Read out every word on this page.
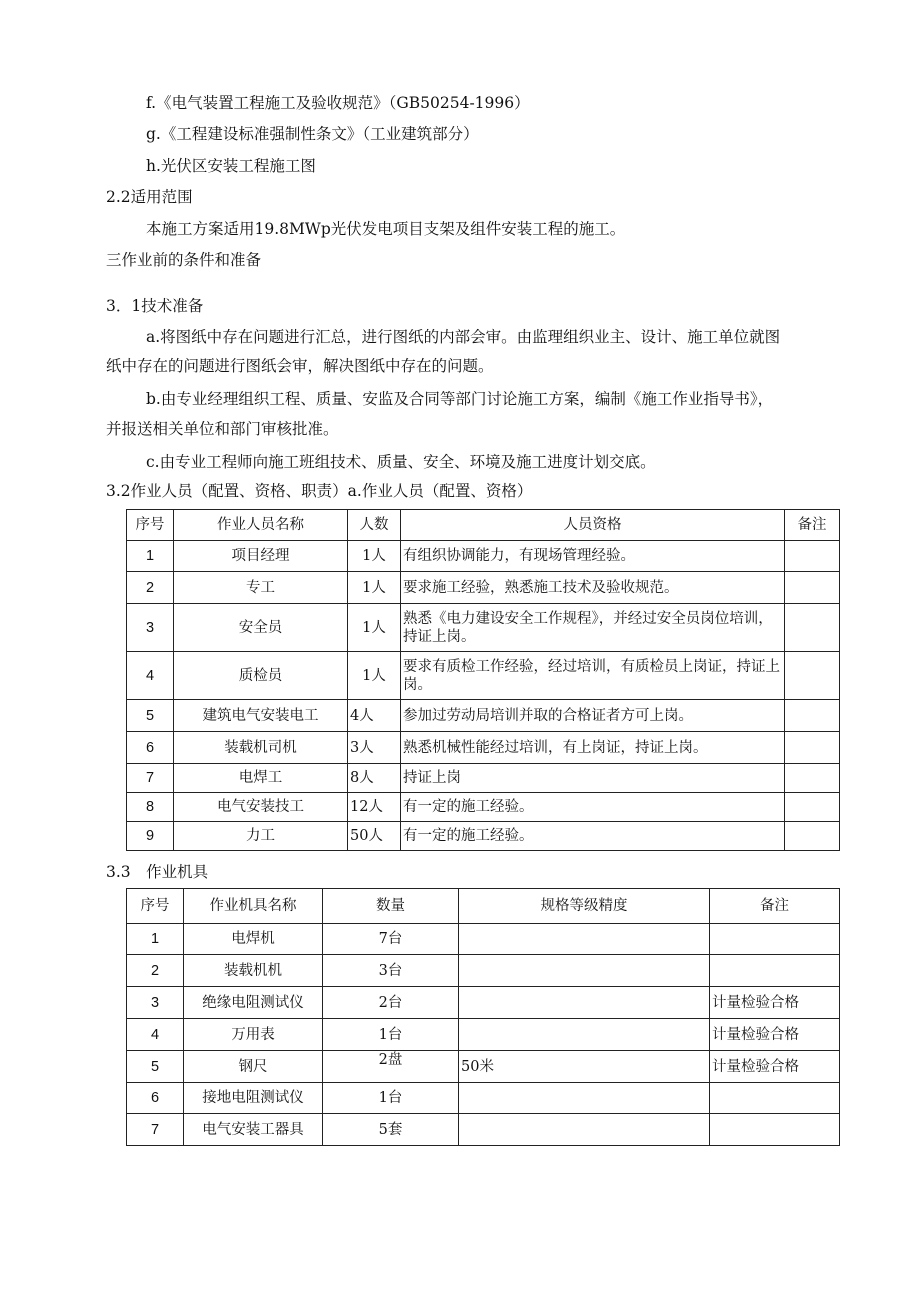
f.《电气装置工程施工及验收规范》（GB50254-1996）
g.《工程建设标准强制性条文》（工业建筑部分）
h.光伏区安装工程施工图
2.2适用范围
本施工方案适用19.8MWp光伏发电项目支架及组件安装工程的施工。
三作业前的条件和准备
3．1技术准备
a.将图纸中存在问题进行汇总，进行图纸的内部会审。由监理组织业主、设计、施工单位就图
纸中存在的问题进行图纸会审，解决图纸中存在的问题。
b.由专业经理组织工程、质量、安监及合同等部门讨论施工方案，编制《施工作业指导书》，
并报送相关单位和部门审核批准。
c.由专业工程师向施工班组技术、质量、安全、环境及施工进度计划交底。
3.2作业人员（配置、资格、职责）a.作业人员（配置、资格）
序号	作业人员名称	人数	人员资格	备注
1	项目经理	1人	有组织协调能力，有现场管理经验。	
2	专工	1人	要求施工经验，熟悉施工技术及验收规范。	
3	安全员	1人	熟悉《电力建设安全工作规程》，并经过安全员岗位培训，持证上岗。	
4	质检员	1人	要求有质检工作经验，经过培训，有质检员上岗证，持证上岗。	
5	建筑电气安装电工	4人	参加过劳动局培训并取的合格证者方可上岗。	
6	装载机司机	3人	熟悉机械性能经过培训，有上岗证，持证上岗。	
7	电焊工	8人	持证上岗	
8	电气安装技工	12人	有一定的施工经验。	
9	力工	50人	有一定的施工经验。	
3.3　作业机具
序号	作业机具名称	数量	规格等级精度	备注
1	电焊机	7台		
2	装载机机	3台		
3	绝缘电阻测试仪	2台		计量检验合格
4	万用表	1台		计量检验合格
5	钢尺	2盘	50米	计量检验合格
6	接地电阻测试仪	1台		
7	电气安装工器具	5套		
